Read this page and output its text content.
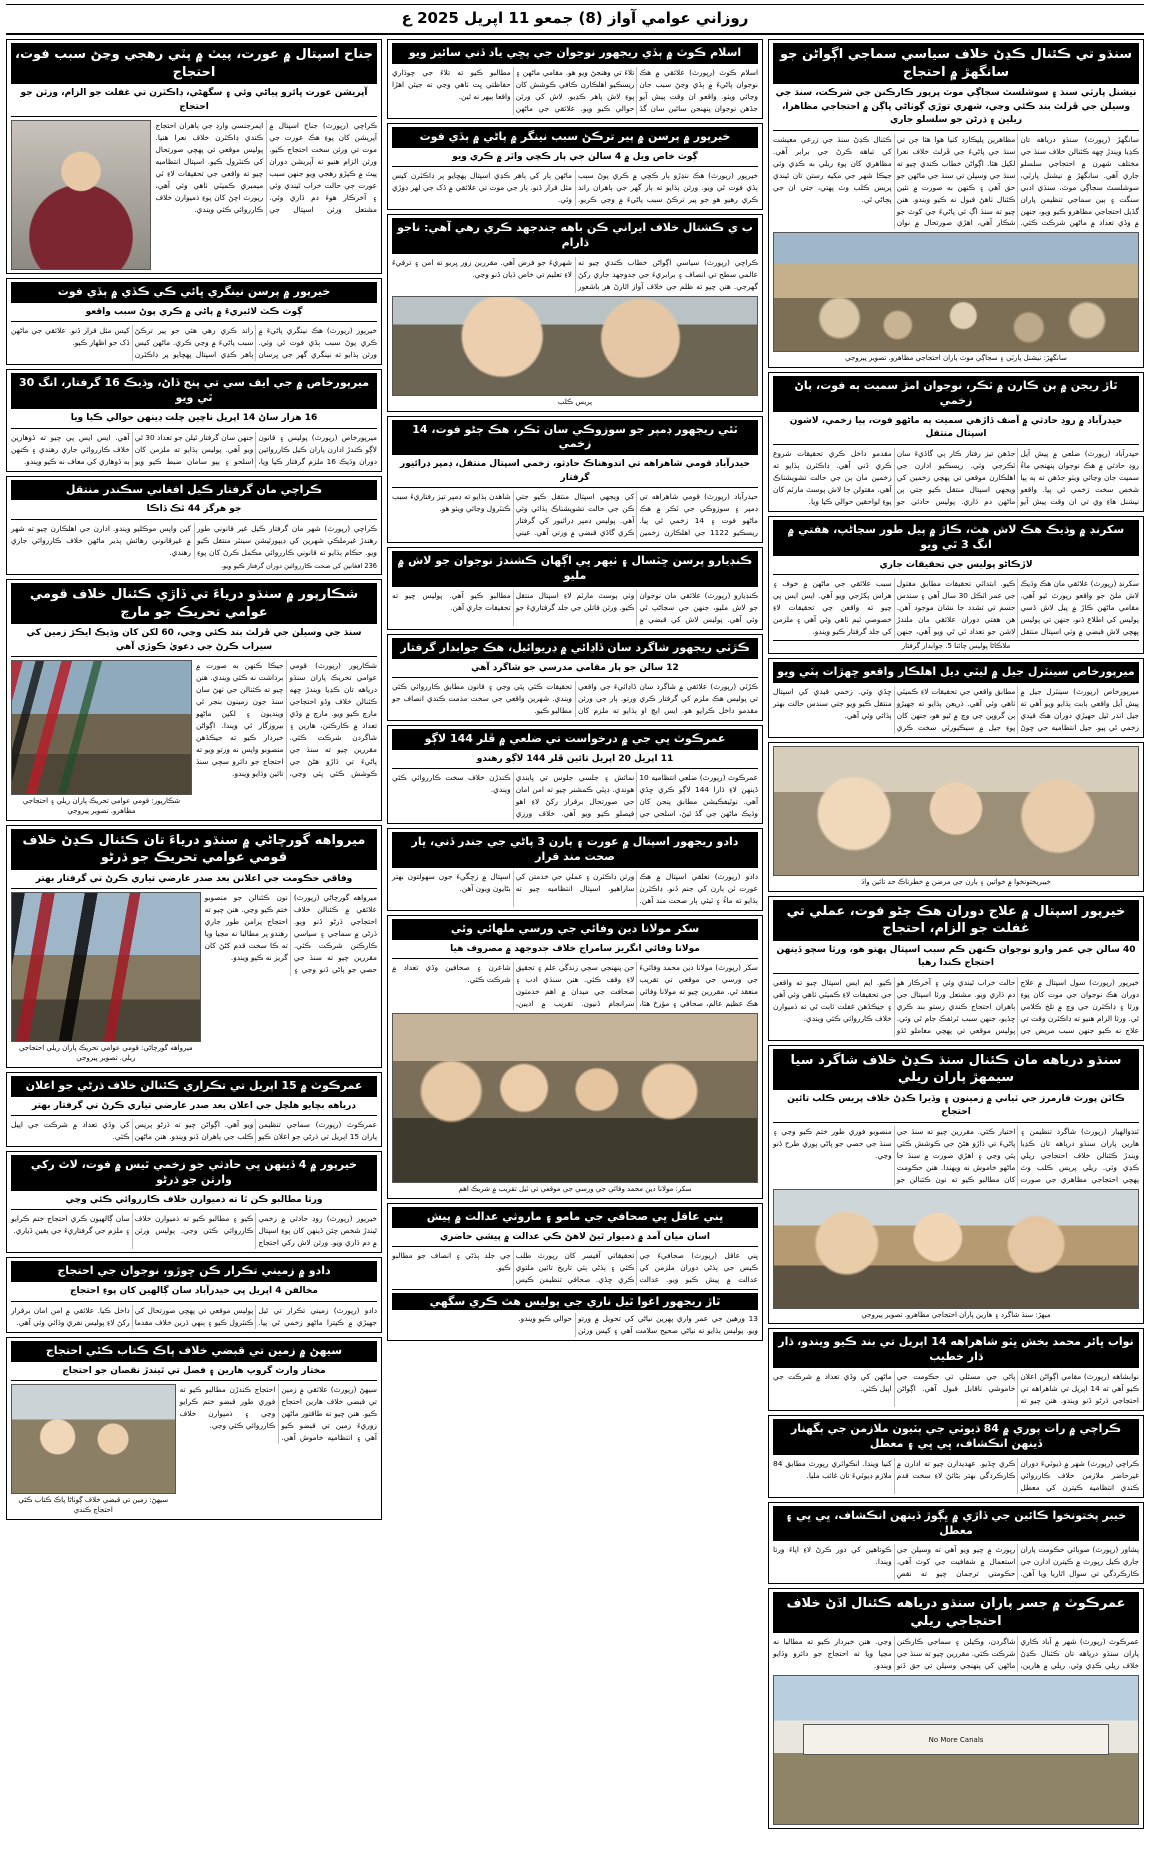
روزاني عوامي آواز (8) جمعو 11 اپريل 2025 ع
سنڌو تي ڪئنال ڪڍڻ خلاف سياسي سماجي اڳواڻن جو سانگهڙ ۾ احتجاج
نيشنل پارٽي سنڌ ۽ سوشلسٽ سجاڳي موٽ ڀرپور ڪارڪنن جي شرڪت، سنڌ جي وسيلن جي ڦرلٽ بند ڪئي وڃي، شهري توڙي ڳوٺاڻي ڀاڳن ۾ احتجاجي مظاهرا، ريلين ۽ ڌرڻن جو سلسلو جاري
سانگهڙ (رپورٽ) سنڌو درياهه تان ڪڍيا ويندڙ ڇهه ڪئنالن خلاف سنڌ جي مختلف شهرن ۾ احتجاجي سلسلو جاري آهي. سانگهڙ ۾ نيشنل پارٽي، سوشلسٽ سجاڳي موٽ، سنڌي ادبي سنگت ۽ ٻين سماجي تنظيمن پاران گڏيل احتجاجي مظاهرو ڪيو ويو، جنهن ۾ وڏي تعداد ۾ ماڻهن شرڪت ڪئي. مظاهرين پليڪارڊ کنيا هوا هئا جن تي سنڌ جي پاڻيءَ جي ڦرلٽ خلاف نعرا لکيل هئا. اڳواڻن خطاب ڪندي چيو ته سنڌ جي وسيلن تي سنڌ جي ماڻهن جو حق آهي ۽ ڪنهن به صورت ۾ نئين ڪئنال ٺاهڻ قبول نه ڪيو ويندو. هنن چيو ته سنڌ اڳ ئي پاڻيءَ جي کوٽ جو شڪار آهي، اهڙي صورتحال ۾ نوان ڪئنال ڪڍڻ سنڌ جي زرعي معيشت کي تباهه ڪرڻ جي برابر آهي. مظاهري کان پوءِ ريلي به ڪڍي وئي جيڪا شهر جي مکيه رستن تان ٿيندي پريس ڪلب وٽ پهتي، جتي ان جي پڄاڻي ٿي.
سانگهڙ: نيشنل پارٽي ۽ سجاڳي موٽ پاران احتجاجي مظاهرو. تصوير پيروجي
ٿاڙ ريجن ۾ ٻن ڪارن ۾ ٽڪر، نوجوان امڙ سميت ٻه فوت، پاڻ زخمي
حيدرآباد ۾ روڊ حادثي ۾ آصف ڏاڙهي سميت ٻه ماڻهو فوت، ٻيا زخمي، لاشون اسپتال منتقل
حيدرآباد (رپورٽ) ضلعي ۾ پيش آيل روڊ حادثي ۾ هڪ نوجوان پنهنجي ماءُ سميت جان وڃائي ويٺو جڏهن ته ٻه ٻيا شخص سخت زخمي ٿي پيا. واقعو نيشنل هاءِ وي تي ان وقت پيش آيو جڏهن تيز رفتار ڪار ٻي گاڏيءَ سان ٽڪرجي وئي. ريسڪيو ادارن جي اهلڪارن موقعي تي پهچي زخمين کي ويجهي اسپتال منتقل ڪيو جتي ٻن ماڻهن دم ڌاري. پوليس حادثي جو مقدمو داخل ڪري تحقيقات شروع ڪري ڏني آهي. ڊاڪٽرن ٻڌايو ته زخمين مان ٻن جي حالت تشويشناڪ آهي. مقتولن جا لاش پوسٽ مارٽم کان پوءِ لواحقين حوالي ڪيا ويا.
سکرنڊ ۾ وڌيڪ هڪ لاش هٿ، ڪاڙ ۾ پيل طور سڃاڻپ، هفتي ۾ انگ 3 ٿي ويو
لاڙڪاڻو پوليس جي تحقيقات جاري
سکرنڊ (رپورٽ) علائقي مان هڪ وڌيڪ لاش ملڻ جو واقعو رپورٽ ٿيو آهي. مقامي ماڻهن ڪاڙ ۾ پيل لاش ڏسي پوليس کي اطلاع ڏنو، جنهن تي پوليس پهچي لاش قبضي ۾ وٺي اسپتال منتقل ڪيو. ابتدائي تحقيقات مطابق مقتول جي عمر اٽڪل 30 سال آهي ۽ سندس جسم تي تشدد جا نشان موجود آهن. هن هفتي دوران علائقي مان ملندڙ لاشن جو تعداد ٽي ٿي ويو آهي، جنهن سبب علائقي جي ماڻهن ۾ خوف ۽ هراس پکڙجي ويو آهي. ايس ايس پي چيو ته واقعن جي تحقيقات لاءِ خصوصي ٽيم ٺاهي وئي آهي ۽ ملزمن کي جلد گرفتار ڪيو ويندو.
ملاڪاڻا پوليس چائنا 5. جوابدار گرفتار
ميرپورخاص سينٽرل جيل ۾ ليٽي ديل اهلڪار واقعو ڇهڙات پٽي ويو
ميرپورخاص (رپورٽ) سينٽرل جيل ۾ پيش آيل واقعي بابت ٻڌايو ويو آهي ته جيل اندر ٿيل جهيڙي دوران هڪ قيدي زخمي ٿي پيو. جيل انتظاميه جي چوڻ مطابق واقعي جي تحقيقات لاءِ ڪميٽي ٺاهي وئي آهي. ذريعن ٻڌايو ته جهيڙو ٻن گروپن جي وچ ۾ ٿيو هو، جنهن کان پوءِ جيل ۾ سيڪيورٽي سخت ڪري ڇڏي وئي. زخمي قيدي کي اسپتال منتقل ڪيو ويو جتي سندس حالت بهتر ٻڌائي وئي آهي.
خيبرپختونخوا ۾ خواتين ۽ ٻارن جي مرضن ۾ خطرناڪ حد تائين واڌ
خيرپور اسپتال ۾ علاج دوران هڪ ڄڻو فوت، عملي تي غفلت جو الزام، احتجاج
40 سالن جي عمر وارو نوجوان ڪنهن ڪم سبب اسپتال پهتو هو، ورثا سڄو ڏينهن احتجاج ڪندا رهيا
خيرپور (رپورٽ) سول اسپتال ۾ علاج دوران هڪ نوجوان جي موت کان پوءِ ورثا ۽ ڊاڪٽرن جي وچ ۾ تلخ ڪلامي ٿي. ورثا الزام هنيو ته ڊاڪٽرن وقت تي علاج نه ڪيو جنهن سبب مريض جي حالت خراب ٿيندي وئي ۽ آخرڪار هو دم ڌاري ويو. مشتعل ورثا اسپتال جي ٻاهران احتجاج ڪندي رستو بند ڪري ڇڏيو، جنهن سبب ٽرئفڪ جام ٿي وئي. پوليس موقعي تي پهچي معاملو ٿڌو ڪيو. ايم ايس اسپتال چيو ته واقعي جي تحقيقات لاءِ ڪميٽي ٺاهي وئي آهي ۽ جيڪڏهن غفلت ثابت ٿي ته ذميوارن خلاف ڪارروائي ڪئي ويندي.
سنڌو درياهه مان ڪئنال سنڌ ڪڍڻ خلاف شاگرد سيا سيمهڙ پاران ريلي
ڪاٽن پورٽ فارمرز جي ٽياني ۾ زمينون ۽ وڏيرا ڪڍڻ خلاف پريس ڪلب تائين احتجاج
ٽنڊوالهيار (رپورٽ) شاگرد تنظيمن ۽ هارين پاران سنڌو درياهه تان ڪڍيا ويندڙ ڪئنالن خلاف احتجاجي ريلي ڪڍي وئي. ريلي پريس ڪلب وٽ پهچي احتجاجي مظاهري جي صورت اختيار ڪئي. مقررين چيو ته سنڌ جي پاڻيءَ تي ڌاڙو هڻڻ جي ڪوشش ڪئي پئي وڃي ۽ اهڙي صورت ۾ سنڌ جا ماڻهو خاموش نه ويهندا. هنن حڪومت کان مطالبو ڪيو ته نون ڪئنالن جو منصوبو فوري طور ختم ڪيو وڃي ۽ سنڌ جي حصي جو پاڻي پوري طرح ڏنو وڃي.
ميهڙ: سنڌ شاگرد ۽ هارين پاران احتجاجي مظاهرو. تصوير پيروجي
نواب ڀائر محمد بخش ڀٽو شاهراهه 14 اپريل تي بند ڪيو ويندو، ڌار ڌار خطيب
نوابشاهه (رپورٽ) مقامي اڳواڻن اعلان ڪيو آهي ته 14 اپريل تي شاهراهه تي احتجاجي ڌرڻو ڏنو ويندو. هنن چيو ته پاڻي جي مسئلي تي حڪومت جي خاموشي ناقابل قبول آهي. اڳواڻن ماڻهن کي وڏي تعداد ۾ شرڪت جي اپيل ڪئي.
ڪراچي ۾ رات پوري ۾ 84 ڌيوٽي جي ٻٽيون ملازمن جي ٻگھنار ڏينهن انڪشاف، ڀي ڀي ۽ معطل
ڪراچي (رپورٽ) شهر ۾ ڌيوٽيءَ دوران غيرحاضر ملازمن خلاف ڪارروائي ڪندي انتظاميه ڪيترن کي معطل ڪري ڇڏيو. عهديدارن چيو ته ادارن ۾ ڪارڪردگي بهتر بڻائڻ لاءِ سخت قدم کنيا ويندا. انڪوائري رپورٽ مطابق 84 ملازم ڊيوٽيءَ تان غائب مليا.
خيبر پختونخوا ڪائين جي ڏاڙي ۾ ڀڳوڙ ڏينهن انڪشاف، ڀي ڀي ۽ معطل
پشاور (رپورٽ) صوبائي حڪومت پاران جاري ڪيل رپورٽ ۾ ڪيترن ادارن جي ڪارڪردگي تي سوال اٿاريا ويا آهن. رپورٽ ۾ چيو ويو آهي ته وسيلن جي استعمال ۾ شفافيت جي کوٽ آهي. حڪومتي ترجمان چيو ته نقصِ ڪوتاهين کي دور ڪرڻ لاءِ اپاءَ ورتا ويندا.
عمرڪوٽ ۾ جسر پاران سنڌو درياهه ڪئنال اڏڻ خلاف احتجاجي ريلي
عمرڪوٽ (رپورٽ) شهر ۾ آباد ڪاري پاران سنڌو درياهه تان ڪئنال ڪڍڻ خلاف ريلي ڪڍي وئي. ريلي ۾ هارين، شاگردن، وڪيلن ۽ سماجي ڪارڪنن شرڪت ڪئي. مقررين چيو ته سنڌ جي ماڻهن کي پنهنجي وسيلن تي حق ڏنو وڃي. هنن خبردار ڪيو ته مطالبا نه مڃيا ويا ته احتجاج جو دائرو وڌايو ويندو.
No More Canals
اسلام ڪوٽ ۾ ٻڏي ريجھور نوجوان جي پڇي ياد ڏني سائيز ويو
اسلام ڪوٽ (رپورٽ) علائقي ۾ هڪ نوجوان پاڻيءَ ۾ ٻڏي وڃڻ سبب جان وڃائي ويٺو. واقعو ان وقت پيش آيو جڏهن نوجوان پنهنجن ساٿين سان گڏ تلاءَ تي وهنجڻ ويو هو. مقامي ماڻهن ۽ ريسڪيو اهلڪارن ڪافي ڪوشش کان پوءِ لاش ٻاهر ڪڍيو. لاش کي ورثن حوالي ڪيو ويو. علائقي جي ماڻهن مطالبو ڪيو ته تلاءَ جي چوڌاري حفاظتي ڀت ٺاهي وڃي ته جيئن اهڙا واقعا ٻيهر نه ٿين.
خيرپور ۾ پرسن ۾ پير ترڪڻ سبب نينگر ۾ پاڻي ۾ ٻڏي فوت
ڳوٺ خاص ويل ۾ 4 سالن جي ٻار ڪچي واٽر ۾ ڪري ويو
خيرپور (رپورٽ) هڪ ننڍڙو ٻار ڪچي ۾ ڪري پوڻ سبب ٻڏي فوت ٿي ويو. ورثن ٻڌايو ته ٻار گھر جي ٻاهران راند ڪري رهيو هو جو پير ترڪڻ سبب پاڻيءَ ۾ وڃي ڪريو. ماڻهن ٻار کي ٻاهر ڪڍي اسپتال پهچايو پر ڊاڪٽرن کيس مئل قرار ڏنو. ٻار جي موت تي علائقي ۾ ڏک جي لهر ڊوڙي وئي.
ب ي ڪشتال خلاف ايراني ڪن باهه جندجهد ڪري رهي آهي: ناجو ڌارام
ڪراچي (رپورٽ) سياسي اڳواڻن خطاب ڪندي چيو ته عالمي سطح تي انصاف ۽ برابريءَ جي جدوجهد جاري رکڻ گھرجي. هنن چيو ته ظلم جي خلاف آواز اٿارڻ هر باشعور شهريءَ جو فرض آهي. مقررين زور ڀريو ته امن ۽ ترقيءَ لاءِ تعليم تي خاص ڌيان ڏنو وڃي.
پريس ڪلب
ٽئي ريجھور ڊمپر جو سوزوڪي سان ٽڪر، هڪ ڄڻو فوت، 14 زخمي
حيدرآباد قومي شاهراهه تي اندوهناڪ حادثو، زخمي اسپتال منتقل، ڊمپر ڊرائيور گرفتار
حيدرآباد (رپورٽ) قومي شاهراهه تي ڊمپر ۽ سوزوڪي جي ٽڪر ۾ هڪ ماڻهو فوت ۽ 14 زخمي ٿي پيا. ريسڪيو 1122 جي اهلڪارن زخمين کي ويجهي اسپتال منتقل ڪيو جتي ڪن جي حالت تشويشناڪ ٻڌائي وئي آهي. پوليس ڊمپر ڊرائيور کي گرفتار ڪري گاڏي قبضي ۾ ورتي آهي. عيني شاهدن ٻڌايو ته ڊمپر تيز رفتاريءَ سبب ڪنٽرول وڃائي ويٺو هو.
ڪنڊيارو پرسن ڇٽسال ۽ ٺيهر ڀي اڳهان ڪشندڙ نوجوان جو لاش ۾ مليو
ڪنڊيارو (رپورٽ) علائقي مان نوجوان جو لاش مليو، جنهن جي سڃاڻپ ٿي وئي آهي. پوليس لاش کي قبضي ۾ وٺي پوسٽ مارٽم لاءِ اسپتال منتقل ڪيو. ورثن قاتلن جي جلد گرفتاريءَ جو مطالبو ڪيو آهي. پوليس چيو ته تحقيقات جاري آهن.
ڪڙٽي ريجھور شاگرد سان ڏاڍائي ۾ ڊريوائيل، هڪ جوابدار گرفتار
12 سالن جو ٻار مقامي مدرسي جو شاگرد آهي
ڪڙٽي (رپورٽ) علائقي ۾ شاگرد سان ڏاڍائيءَ جي واقعي تي پوليس هڪ ملزم کي گرفتار ڪري ورتو. ٻار جي ورثن مقدمو داخل ڪرايو هو. ايس ايچ او ٻڌايو ته ملزم کان تحقيقات ڪئي پئي وڃي ۽ قانون مطابق ڪارروائي ڪئي ويندي. شهرين واقعي جي سخت مذمت ڪندي انصاف جو مطالبو ڪيو.
عمرڪوٽ ڀي جي ۾ درخواست تي ضلعي ۾ ڦلر 144 لاڳو
11 اپريل 20 اپريل تائين ڦلر 144 لاڳو رهندو
عمرڪوٽ (رپورٽ) ضلعي انتظاميه 10 ڏينهن لاءِ ڌارا 144 لاڳو ڪري ڇڏي آهي. نوٽيفڪيشن مطابق پنجن کان وڌيڪ ماڻهن جي گڏ ٿيڻ، اسلحي جي نمائش ۽ جلسي جلوس تي پابندي هوندي. ڊپٽي ڪمشنر چيو ته امن امان جي صورتحال برقرار رکڻ لاءِ اهو فيصلو ڪيو ويو آهي. خلاف ورزي ڪندڙن خلاف سخت ڪارروائي ڪئي ويندي.
دادو ريجھور اسپتال ۾ عورت ۽ ٻارن 3 پاڻي جي جندر ڏني، ڀار صحت مند قرار
دادو (رپورٽ) تعلقي اسپتال ۾ هڪ عورت ٽن ٻارن کي جنم ڏنو. ڊاڪٽرن ٻڌايو ته ماءُ ۽ ٽيئي ٻار صحت مند آهن. ورثن ڊاڪٽرن ۽ عملي جي خدمتن کي ساراهيو. اسپتال انتظاميه چيو ته اسپتال ۾ زچگيءَ جون سهولتون بهتر بڻايون ويون آهن.
سکر مولانا دين وفائي جي ورسي ملهائي وئي
مولانا وفائي انگريز سامراج خلاف جدوجهد ۾ مصروف هيا
سکر (رپورٽ) مولانا دين محمد وفائيءَ جي ورسي جي موقعي تي تقريب منعقد ٿي. مقررين چيو ته مولانا وفائي هڪ عظيم عالم، صحافي ۽ مؤرخ هئا، جن پنهنجي سڄي زندگي علم ۽ تحقيق لاءِ وقف ڪئي. هنن سنڌي ادب ۽ صحافت جي ميدان ۾ اهم خدمتون سرانجام ڏنيون. تقريب ۾ اديبن، شاعرن ۽ صحافين وڏي تعداد ۾ شرڪت ڪئي.
سکر: مولانا دين محمد وفائي جي ورسي جي موقعي تي ٿيل تقريب ۾ شريڪ اهم
ڀني عاقل ڀي صحافي جي مامو ۽ ماروثي عدالت ۾ پيش
اسان ميان آمد ۾ ذميوار ٿيڻ لاهڻ ڪي عدالت ۾ پيشي حاضري
ڀني عاقل (رپورٽ) صحافيءَ جي ڪيس جي ٻڌڻي دوران ملزمن کي عدالت ۾ پيش ڪيو ويو. عدالت تحقيقاتي آفيسر کان رپورٽ طلب ڪئي ۽ ٻڌڻي ٻئي تاريخ تائين ملتوي ڪري ڇڏي. صحافي تنظيمن ڪيس جي جلد ٻڌڻي ۽ انصاف جو مطالبو ڪيو.
ٿاڙ ريجھور اغوا ٿيل ناري جي پوليس هٿ ڪري سگهي
13 ورهين جي عمر واري پهرين نياڻي کي تحويل ۾ ورتو ويو. پوليس ٻڌايو ته نياڻي صحيح سلامت آهي ۽ کيس ورثن حوالي ڪيو ويندو.
جناح اسپتال ۾ عورت، پيٽ ۾ پٽي رهجي وڃڻ سبب فوت، احتجاج
آپريشن عورت ڀائرو پياڻي وئي ۽ سگھڻي، ڊاڪٽرن تي غفلت جو الزام، ورثن جو احتجاج
ڪراچي (رپورٽ) جناح اسپتال ۾ آپريشن کان پوءِ هڪ عورت جي موت تي ورثن سخت احتجاج ڪيو. ورثن الزام هنيو ته آپريشن دوران پيٽ ۾ ڪپڙو رهجي ويو جنهن سبب عورت جي حالت خراب ٿيندي وئي ۽ آخرڪار هوءَ دم ڌاري وئي. مشتعل ورثن اسپتال جي ايمرجنسي وارڊ جي ٻاهران احتجاج ڪندي ڊاڪٽرن خلاف نعرا هنيا. پوليس موقعي تي پهچي صورتحال کي ڪنٽرول ڪيو. اسپتال انتظاميه چيو ته واقعي جي تحقيقات لاءِ ٽي ميمبري ڪميٽي ٺاهي وئي آهي، رپورٽ اچڻ کان پوءِ ذميوارن خلاف ڪارروائي ڪئي ويندي.
خيرپور ۾ پرسن نينگري ڀائي ڪي ڪڏي ۾ ٻڏي فوت
ڳوٺ ڪٽ لائبريءَ ۾ پاڻي ۾ ڪري پوڻ سبب واقعو
خيرپور (رپورٽ) هڪ نينگري پاڻيءَ ۾ ڪري پوڻ سبب ٻڏي فوت ٿي وئي. ورثن ٻڌايو ته نينگري گھر جي ڀرسان راند ڪري رهي هئي جو پير ترڪڻ سبب پاڻيءَ ۾ وڃي ڪري. ماڻهن کيس ٻاهر ڪڍي اسپتال پهچايو پر ڊاڪٽرن کيس مئل قرار ڏنو. علائقي جي ماڻهن ڏک جو اظهار ڪيو.
ميرپورخاص ۾ جي ايف سي تي پنج ڏاڻ، وڌيڪ 16 گرفتار، انگ 30 ٿي ويو
16 هزار ساڻ 14 اپريل ناچين چلت ڊينهن حوالي ڪيا ويا
ميرپورخاص (رپورٽ) پوليس ۽ قانون لاڳو ڪندڙ ادارن پاران ڪيل ڪارروائين دوران وڌيڪ 16 ملزم گرفتار ڪيا ويا، جنهن سان گرفتار ٿيلن جو تعداد 30 ٿي ويو آهي. پوليس ٻڌايو ته ملزمن کان اسلحو ۽ ٻيو سامان ضبط ڪيو ويو آهي. ايس ايس پي چيو ته ڏوهارين خلاف ڪارروائي جاري رهندي ۽ ڪنهن به ڏوهاري کي معاف نه ڪيو ويندو.
ڪراچي مان گرفتار ڪيل افغاني سڪندر منتقل
جو هرگز 44 ٿڪ ڏاڪا
ڪراچي (رپورٽ) شهر مان گرفتار ڪيل غير قانوني طور رهندڙ غيرملڪي شهرين کي ڊيپورٽيشن سينٽر منتقل ڪيو ويو. حڪام ٻڌايو ته قانوني ڪارروائي مڪمل ڪرڻ کان پوءِ کين واپس موڪليو ويندو. ادارن جي اهلڪارن چيو ته شهر ۾ غيرقانوني رهائش پذير ماڻهن خلاف ڪارروائي جاري رهندي.
236 افغانين کي صحت ڪارروائين دوران گرفتار ڪيو ويو.
شڪارپور ۾ سنڌو درياءَ تي ڏاڙي ڪئنال خلاف قومي عوامي تحريڪ جو مارچ
سنڌ جي وسيلن جي ڦرلٽ بند ڪئي وڃي، 60 لکن کان وڌيڪ ايڪڙ زمين کي سيراب ڪرڻ جي دعويٰ ڪوڙي آهي
شڪارپور (رپورٽ) قومي عوامي تحريڪ پاران سنڌو درياهه تان ڪڍيا ويندڙ ڇهه ڪئنالن خلاف وڏو احتجاجي مارچ ڪيو ويو. مارچ ۾ وڏي تعداد ۾ ڪارڪنن، هارين ۽ شاگردن شرڪت ڪئي. مقررين چيو ته سنڌ جي پاڻيءَ تي ڌاڙو هڻڻ جي ڪوشش ڪئي پئي وڃي، جيڪا ڪنهن به صورت ۾ برداشت نه ڪئي ويندي. هنن چيو ته ڪئنالن جي ٺهڻ سان سنڌ جون زمينون بنجر ٿي وينديون ۽ لکين ماڻهو بيروزگار ٿي ويندا. اڳواڻن خبردار ڪيو ته جيڪڏهن منصوبو واپس نه ورتو ويو ته احتجاج جو دائرو سڄي سنڌ تائين وڌايو ويندو.
شڪارپور: قومي عوامي تحريڪ پاران ريلي ۽ احتجاجي مظاهرو. تصوير پيروجي
ميرواهه گورچاڻي ۾ سنڌو درياءَ تان ڪئنال ڪڍڻ خلاف قومي عوامي تحريڪ جو ڌرڻو
وفاقي حڪومت جي اعلانن بعد صدر عارضي تياري ڪرڻ تي گرفتار بهتر
ميرواهه گورچاڻي (رپورٽ) علائقي ۾ ڪئنالن خلاف احتجاجي ڌرڻو ڏنو ويو. ڌرڻي ۾ سماجي ۽ سياسي ڪارڪنن شرڪت ڪئي. مقررين چيو ته سنڌ جي حصي جو پاڻي ڏنو وڃي ۽ نون ڪئنالن جو منصوبو ختم ڪيو وڃي. هنن چيو ته احتجاج پرامن طور جاري رهندو پر مطالبا نه مڃيا ويا ته ڪا سخت قدم کڻڻ کان گريز نه ڪيو ويندو.
ميرواهه گورچاڻي: قومي عوامي تحريڪ پاران ريلي احتجاجي ريلي. تصوير پيروجي
عمرڪوٽ ۾ 15 اپريل تي تڪراري ڪئنالن خلاف ڌرڻي جو اعلان
درياهه بچايو هلچل جي اعلان بعد صدر عارضي تياري ڪرڻ تي گرفتار بهتر
عمرڪوٽ (رپورٽ) سماجي تنظيمن پاران 15 اپريل تي ڌرڻي جو اعلان ڪيو ويو آهي. اڳواڻن چيو ته ڌرڻو پريس ڪلب جي ٻاهران ڏنو ويندو. هنن ماڻهن کي وڏي تعداد ۾ شرڪت جي اپيل ڪئي.
خيرپور ۾ 4 ڏينهن ڀي حادثي جو زخمي ٿيس ۾ فوت، لاٿ رکي وارثن جو ڌرڻو
ورثا مطالبو ڪن ٿا ته ذميوارن خلاف ڪارروائي ڪئي وڃي
خيرپور (رپورٽ) روڊ حادثي ۾ زخمي ٿيندڙ شخص چئن ڏينهن کان پوءِ اسپتال ۾ دم ڌاري ويو. ورثن لاش رکي احتجاج ڪيو ۽ مطالبو ڪيو ته ذميوارن خلاف ڪارروائي ڪئي وڃي. پوليس ورثن سان ڳالهيون ڪري احتجاج ختم ڪرايو ۽ ملزم جي گرفتاريءَ جي يقين ڏياري.
دادو ۾ زميني تڪرار ڪن ڇوڙو، نوجوان جي احتجاج
مخالفن 4 اپريل ڀي حيدرآباد سان ڳالهين کان پوءِ احتجاج
دادو (رپورٽ) زميني تڪرار تي ٿيل جهيڙي ۾ ڪيترا ماڻهو زخمي ٿي پيا. پوليس موقعي تي پهچي صورتحال کي ڪنٽرول ڪيو ۽ ٻنهي ڌرين خلاف مقدما داخل ڪيا. علائقي ۾ امن امان برقرار رکڻ لاءِ پوليس نفري وڌائي وئي آهي.
سيهڻ ۾ زمين تي قبضي خلاف پاڪ ڪتاب ڪئي احتجاج
مختار وارث گروپ هارين ۽ فصل تي ٿيندڙ نقصان جو احتجاج
سيهڻ (رپورٽ) علائقي ۾ زمين تي قبضي خلاف هارين احتجاج ڪيو. هنن چيو ته طاقتور ماڻهن زوريءَ زمين تي قبضو ڪيو آهي ۽ انتظاميه خاموش آهي. احتجاج ڪندڙن مطالبو ڪيو ته فوري طور قبضو ختم ڪرايو وڃي ۽ ذميوارن خلاف ڪارروائي ڪئي وڃي.
سيهڻ: زمين تي قبضي خلاف ڳوٺاڻا پاڪ ڪتاب ڪئي احتجاج ڪندي
